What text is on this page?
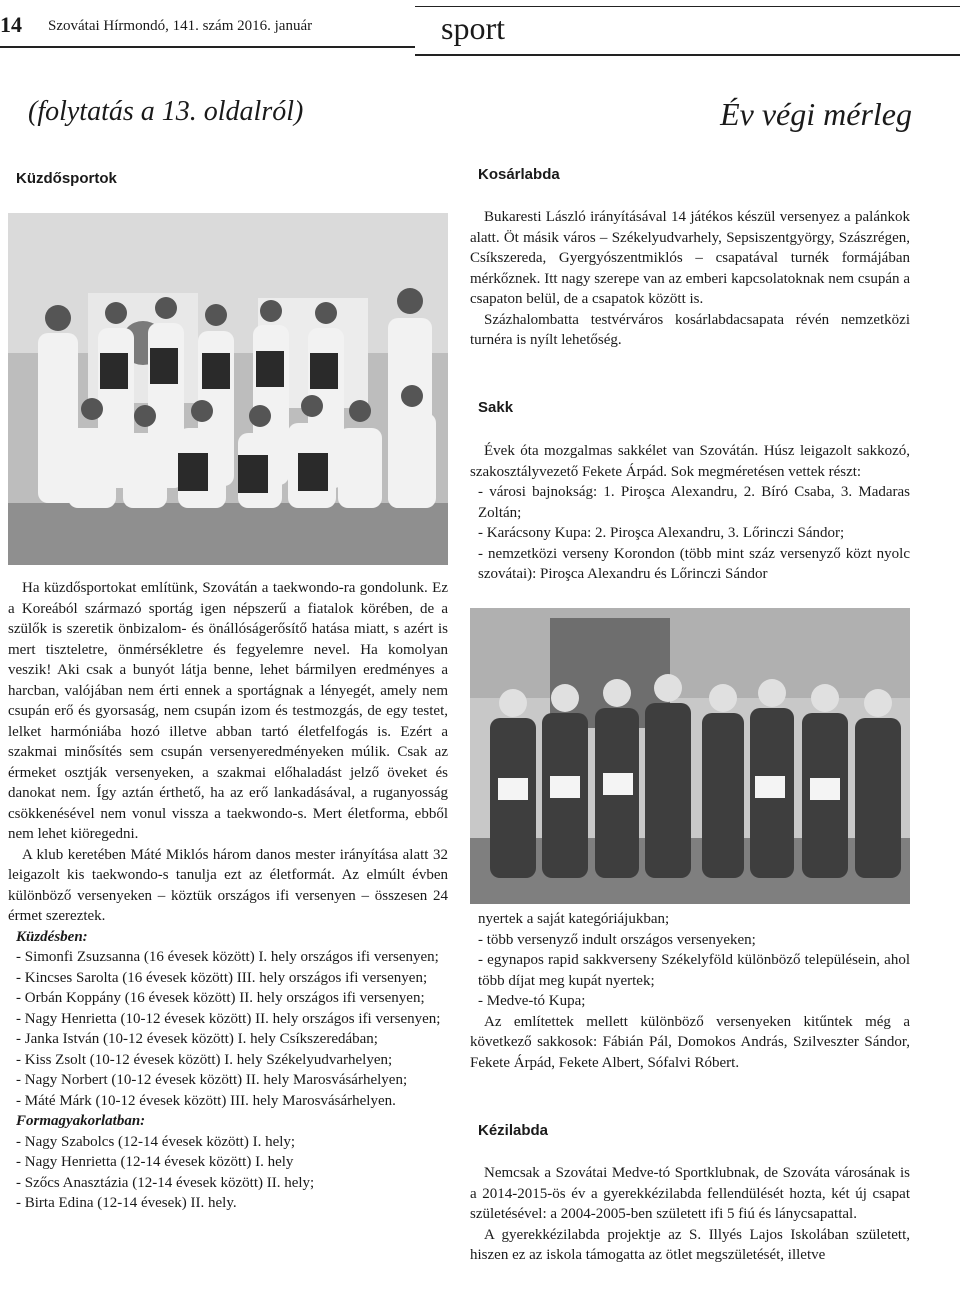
14 Szovátai Hírmondó, 141. szám 2016. január	sport
(folytatás a 13. oldalról)	Év végi mérleg
Küzdősportok

Ha küzdősportokat említünk, Szovátán a taekwondo-ra gondolunk. Ez a Koreából származó sportág igen népszerű a fiatalok körében, de a szülők is szeretik önbizalom- és önállóságerősítő hatása miatt, s azért is mert tiszteletre, önmérsékletre és fegyelemre nevel. Ha komolyan veszik! Aki csak a bunyót látja benne, lehet bármilyen eredményes a harcban, valójában nem érti ennek a sportágnak a lényegét, amely nem csupán erő és gyorsaság, nem csupán izom és testmozgás, de egy testet, lelket harmóniába hozó illetve abban tartó életfelfogás is. Ezért a szakmai minősítés sem csupán versenyeredményeken múlik. Csak az érmeket osztják versenyeken, a szakmai előhaladást jelző öveket és danokat nem. Így aztán érthető, ha az erő lankadásával, a ruganyosság csökkenésével nem vonul vissza a taekwondo-s. Mert életforma, ebből nem lehet kiöregedni.

A klub keretében Máté Miklós három danos mester irányítása alatt 32 leigazolt kis taekwondo-s tanulja ezt az életformát. Az elmúlt évben különböző versenyeken – köztük országos ifi versenyen – összesen 24 érmet szereztek.

Küzdésben:
- Simonfi Zsuzsanna (16 évesek között) I. hely országos ifi versenyen;
- Kincses Sarolta (16 évesek között) III. hely országos ifi versenyen;
- Orbán Koppány (16 évesek között) II. hely országos ifi versenyen;
- Nagy Henrietta (10-12 évesek között) II. hely országos ifi versenyen;
- Janka István (10-12 évesek között) I. hely Csíkszeredában;
- Kiss Zsolt (10-12 évesek között) I. hely Székelyudvarhelyen;
- Nagy Norbert (10-12 évesek között) II. hely Marosvásárhelyen;
- Máté Márk (10-12 évesek között) III. hely Marosvásárhelyen.
Formagyakorlatban:
- Nagy Szabolcs (12-14 évesek között) I. hely;
- Nagy Henrietta (12-14 évesek között) I. hely
- Szőcs Anasztázia (12-14 évesek között) II. hely;
- Birta Edina (12-14 évesek) II. hely.
Kosárlabda

Bukaresti László irányításával 14 játékos készül versenyez a palánkok alatt. Öt másik város – Székelyudvarhely, Sepsiszentgyörgy, Szászrégen, Csíkszereda, Gyergyószentmiklós – csapatával turnék formájában mérkőznek. Itt nagy szerepe van az emberi kapcsolatoknak nem csupán a csapaton belül, de a csapatok között is.

Százhalombatta testvérváros kosárlabdacsapata révén nemzetközi turnéra is nyílt lehetőség.

Sakk

Évek óta mozgalmas sakkélet van Szovátán. Húsz leigazolt sakkozó, szakosztályvezető Fekete Árpád. Sok megméretésen vettek részt:

- városi bajnokság: 1. Piroşca Alexandru, 2. Bíró Csaba, 3. Madaras Zoltán;
- Karácsony Kupa: 2. Piroşca Alexandru, 3. Lőrinczi Sándor;
- nemzetközi verseny Korondon (több mint száz versenyző közt nyolc szovátai): Piroşca Alexandru és Lőrinczi Sándor
nyertek a saját kategóriájukban;
- több versenyző indult országos versenyeken;
- egynapos rapid sakkverseny Székelyföld különböző településein, ahol több díjat meg kupát nyertek;
- Medve-tó Kupa;

Az említettek mellett különböző versenyeken kitűntek még a következő sakkosok: Fábián Pál, Domokos András, Szilveszter Sándor, Fekete Árpád, Fekete Albert, Sófalvi Róbert.

Kézilabda

Nemcsak a Szovátai Medve-tó Sportklubnak, de Szováta városának is a 2014-2015-ös év a gyerekkézilabda fellendülését hozta, két új csapat születésével: a 2004-2005-ben született ifi 5 fiú és lánycsapattal.

A gyerekkézilabda projektje az S. Illyés Lajos Iskolában született, hiszen ez az iskola támogatta az ötlet megszületését, illetve
